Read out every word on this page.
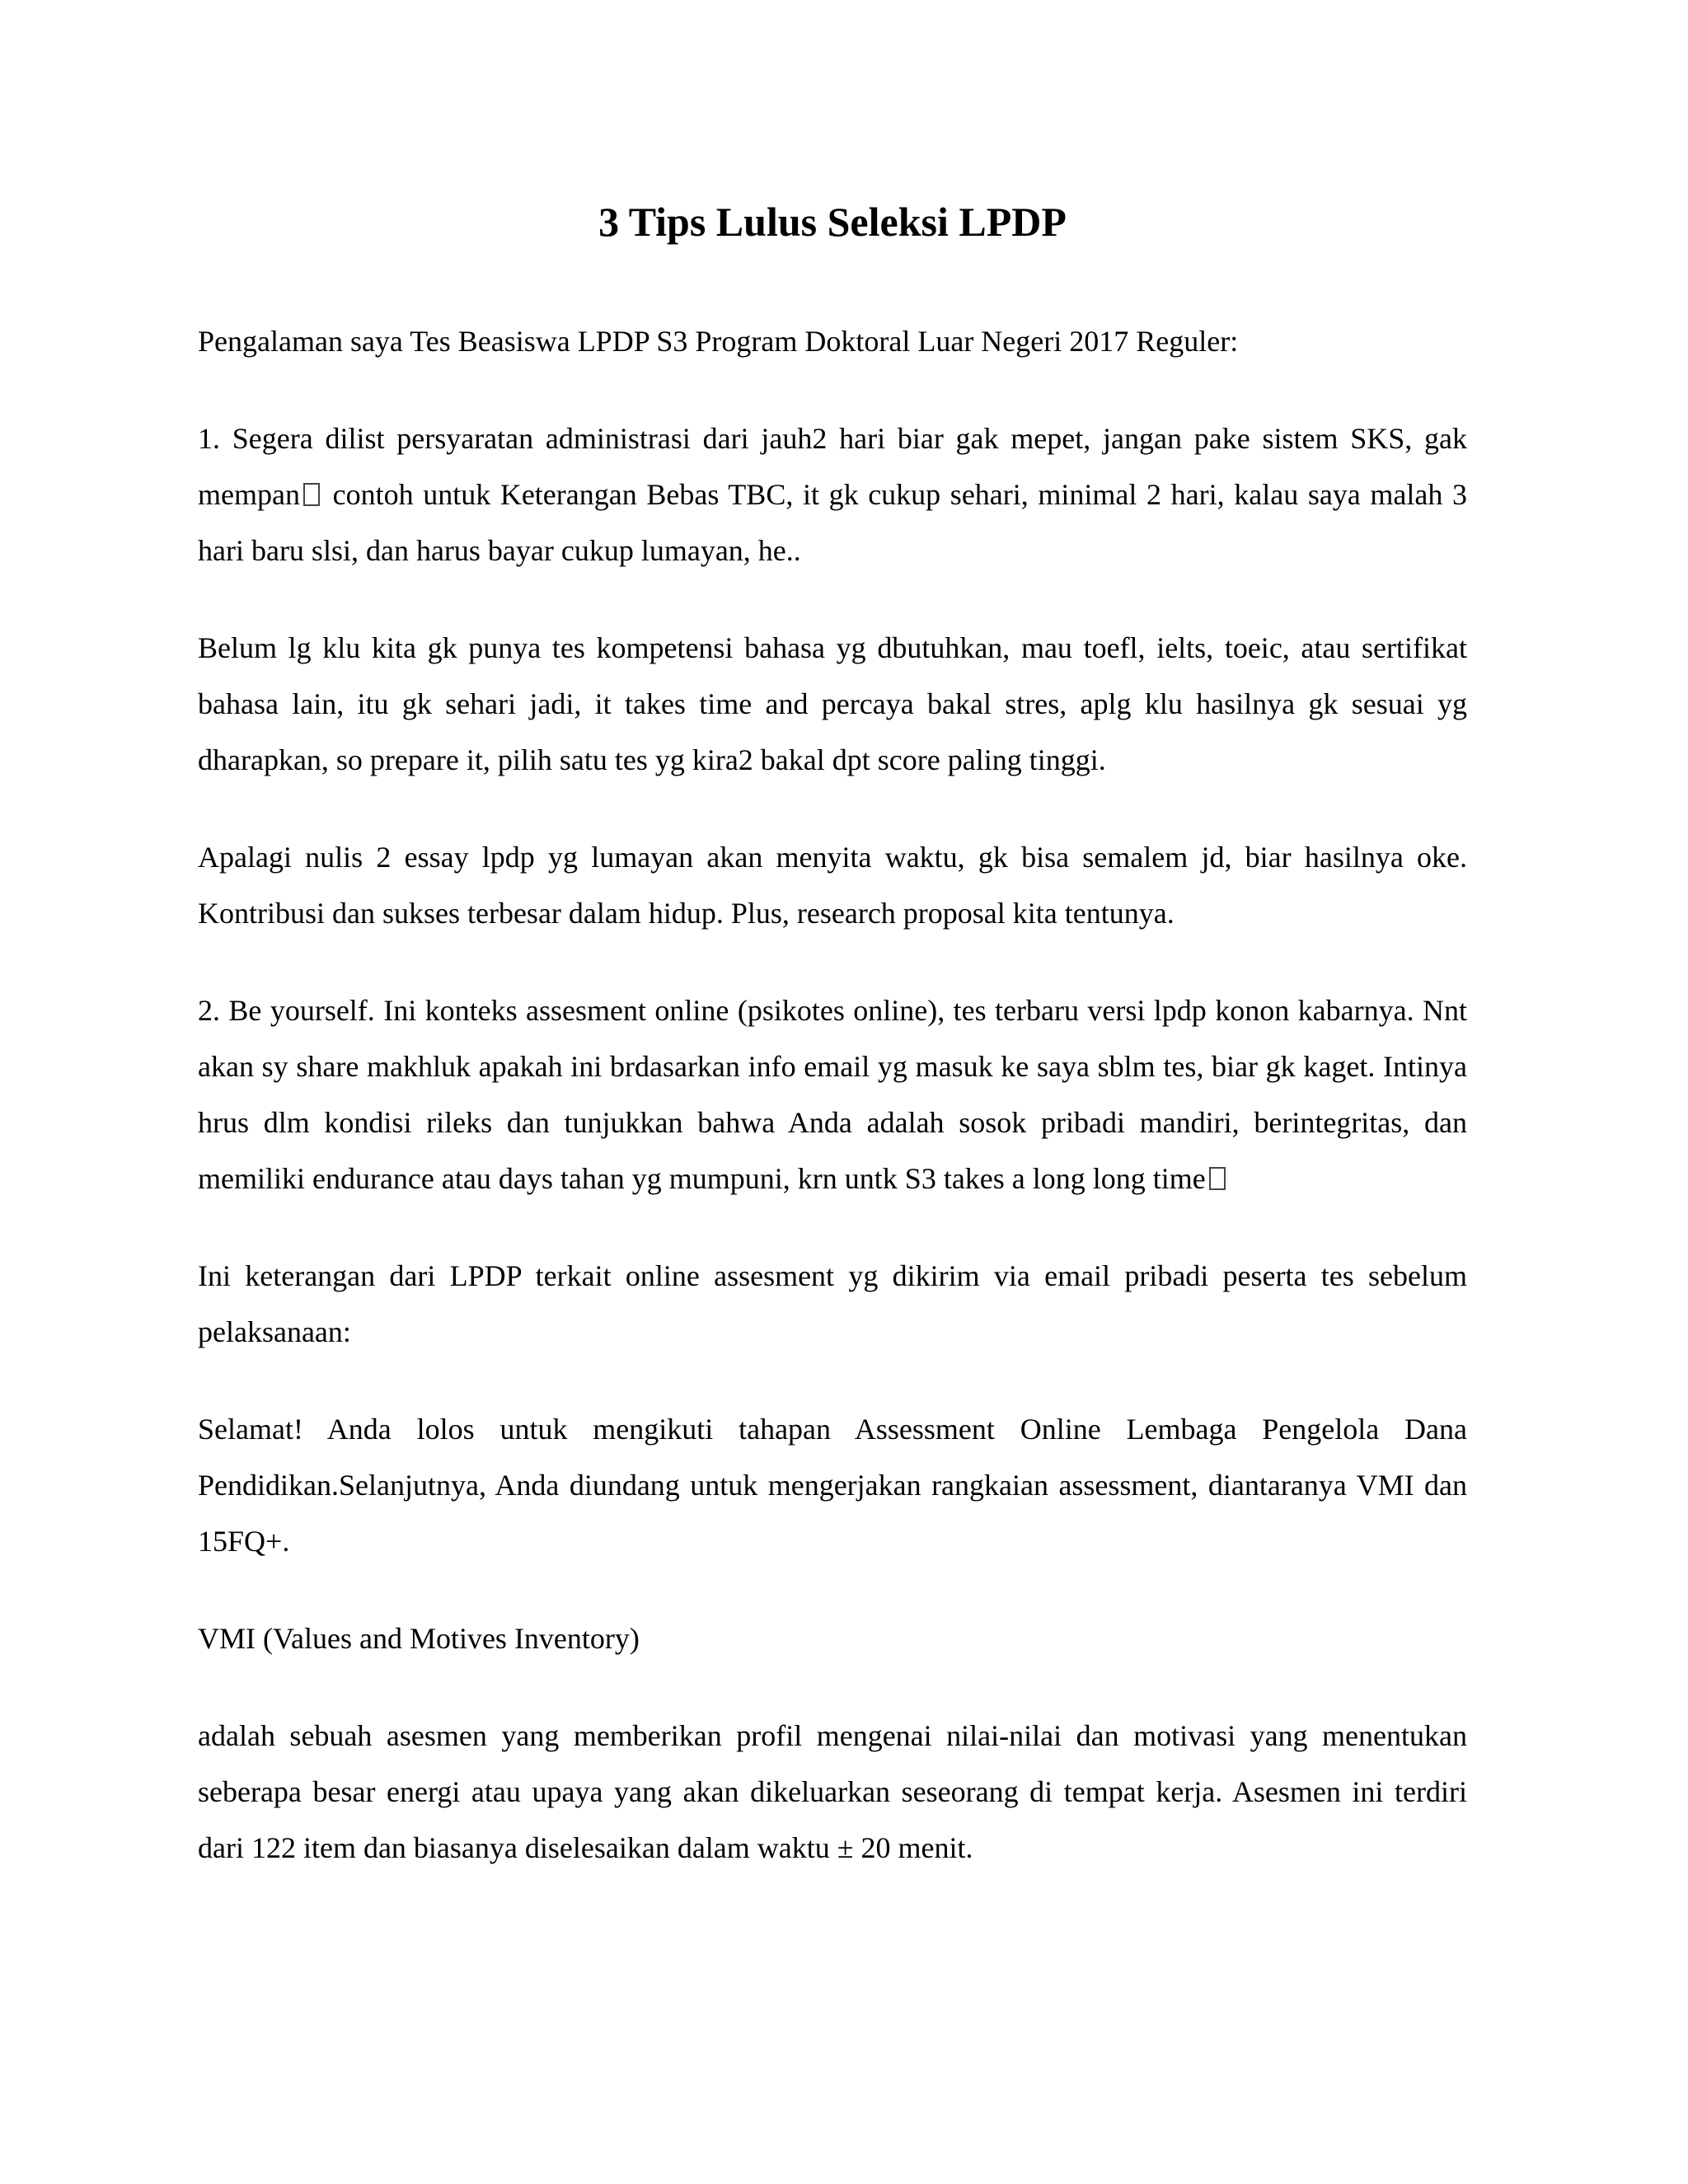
3 Tips Lulus Seleksi LPDP

Pengalaman saya Tes Beasiswa LPDP S3 Program Doktoral Luar Negeri 2017 Reguler:

1. Segera dilist persyaratan administrasi dari jauh2 hari biar gak mepet, jangan pake sistem SKS, gak mempan contoh untuk Keterangan Bebas TBC, it gk cukup sehari, minimal 2 hari, kalau saya malah 3 hari baru slsi, dan harus bayar cukup lumayan, he..

Belum lg klu kita gk punya tes kompetensi bahasa yg dbutuhkan, mau toefl, ielts, toeic, atau sertifikat bahasa lain, itu gk sehari jadi, it takes time and percaya bakal stres, aplg klu hasilnya gk sesuai yg dharapkan, so prepare it, pilih satu tes yg kira2 bakal dpt score paling tinggi.

Apalagi nulis 2 essay lpdp yg lumayan akan menyita waktu, gk bisa semalem jd, biar hasilnya oke. Kontribusi dan sukses terbesar dalam hidup. Plus, research proposal kita tentunya.

2. Be yourself. Ini konteks assesment online (psikotes online), tes terbaru versi lpdp konon kabarnya. Nnt akan sy share makhluk apakah ini brdasarkan info email yg masuk ke saya sblm tes, biar gk kaget. Intinya hrus dlm kondisi rileks dan tunjukkan bahwa Anda adalah sosok pribadi mandiri, berintegritas, dan memiliki endurance atau days tahan yg mumpuni, krn untk S3 takes a long long time

Ini keterangan dari LPDP terkait online assesment yg dikirim via email pribadi peserta tes sebelum pelaksanaan:

Selamat! Anda lolos untuk mengikuti tahapan Assessment Online Lembaga Pengelola Dana Pendidikan.Selanjutnya, Anda diundang untuk mengerjakan rangkaian assessment, diantaranya VMI dan 15FQ+.

VMI (Values and Motives Inventory)

adalah sebuah asesmen yang memberikan profil mengenai nilai-nilai dan motivasi yang menentukan seberapa besar energi atau upaya yang akan dikeluarkan seseorang di tempat kerja. Asesmen ini terdiri dari 122 item dan biasanya diselesaikan dalam waktu ± 20 menit.
